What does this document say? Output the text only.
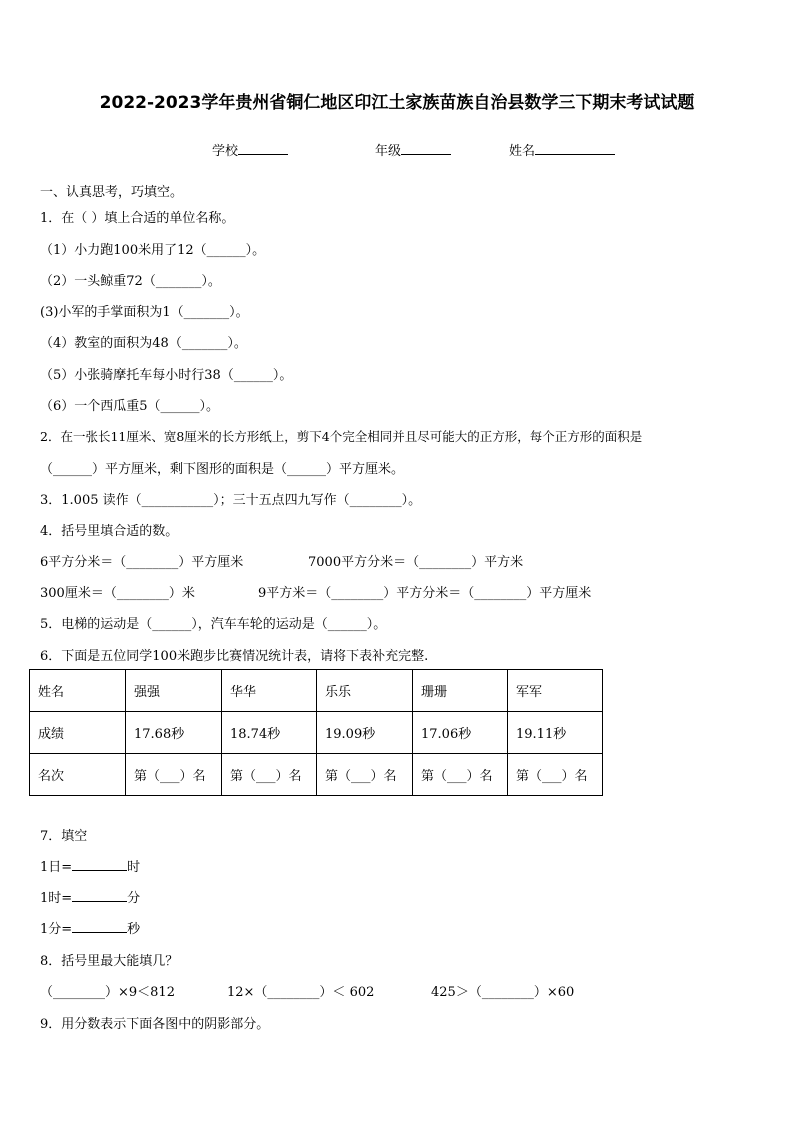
2022-2023学年贵州省铜仁地区印江土家族苗族自治县数学三下期末考试试题
学校	年级	姓名
一、认真思考，巧填空。
1．在（ ）填上合适的单位名称。
（1）小力跑100米用了12（______）。
（2）一头鲸重72（_______）。
(3)小军的手掌面积为1（_______）。
（4）教室的面积为48（_______）。
（5）小张骑摩托车每小时行38（______）。
（6）一个西瓜重5（______）。
2．在一张长11厘米、宽8厘米的长方形纸上，剪下4个完全相同并且尽可能大的正方形，每个正方形的面积是
（______）平方厘米，剩下图形的面积是（______）平方厘米。
3．1.005 读作（___________）；三十五点四九写作（________）。
4．括号里填合适的数。
6平方分米＝（________）平方厘米	7000平方分米＝（________）平方米
300厘米＝（________）米	9平方米＝（________）平方分米＝（________）平方厘米
5．电梯的运动是（______），汽车车轮的运动是（______）。
6．下面是五位同学100米跑步比赛情况统计表，请将下表补充完整.
姓名	强强	华华	乐乐	珊珊	军军
成绩	17.68秒	18.74秒	19.09秒	17.06秒	19.11秒
名次	第（___）名	第（___）名	第（___）名	第（___）名	第（___）名
7．填空
1日=	时
1时=	分
1分=	秒
8．括号里最大能填几？
（________）×9＜812	12×（________）＜ 602	425＞（________）×60
9．用分数表示下面各图中的阴影部分。
